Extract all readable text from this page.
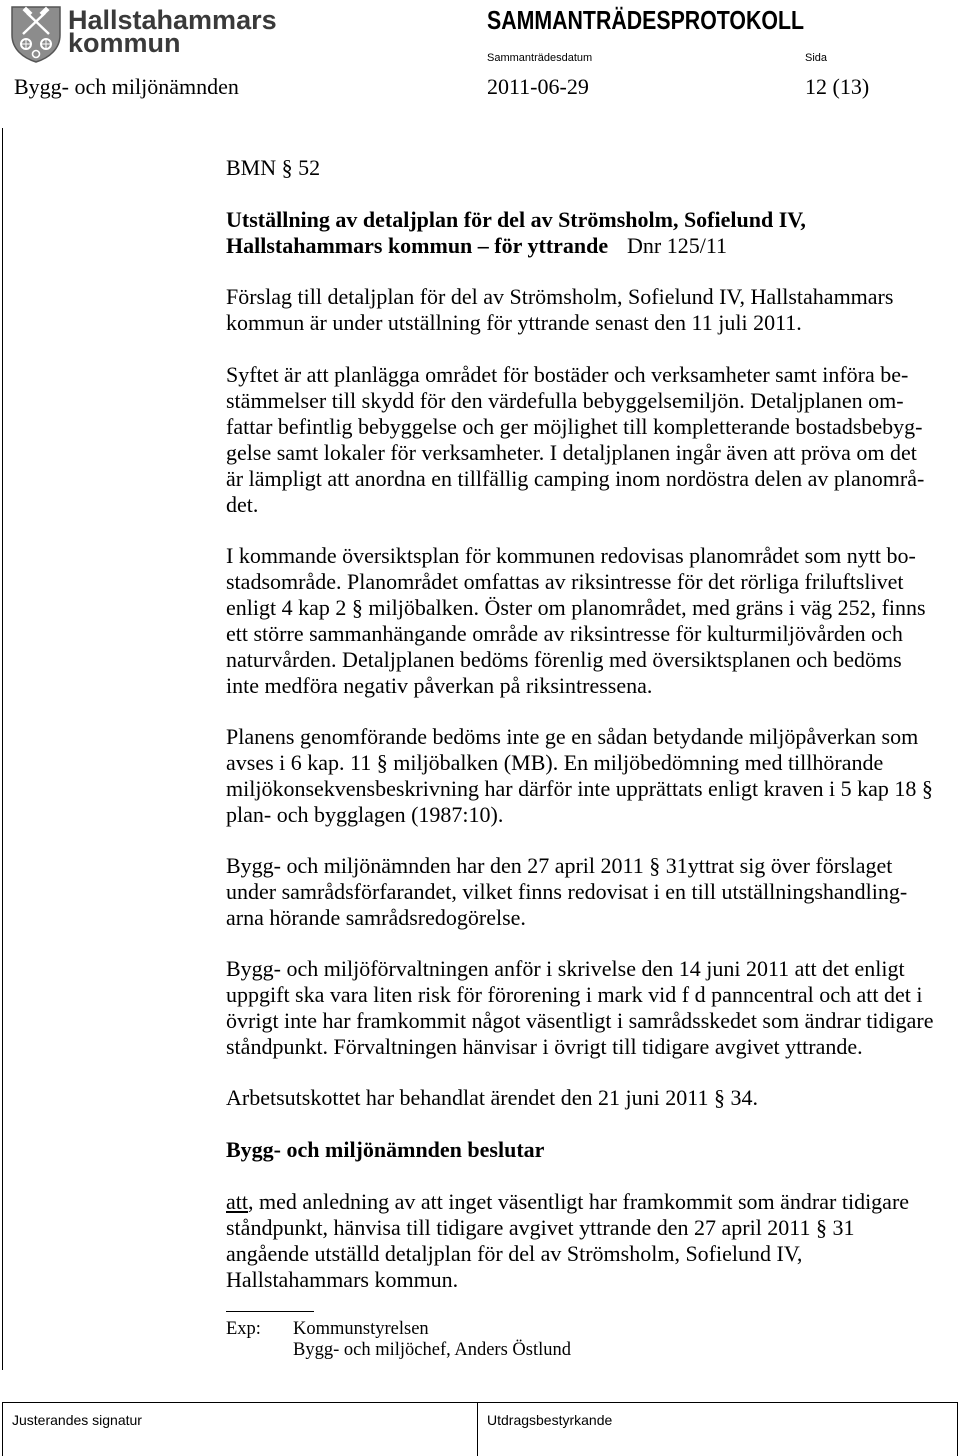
Hallstahammars
kommun
SAMMANTRÄDESPROTOKOLL
Sammanträdesdatum	Sida
Bygg- och miljönämnden	2011-06-29	12 (13)
BMN § 52
Utställning av detaljplan för del av Strömsholm, Sofielund IV,
Hallstahammars kommun – för yttrande Dnr 125/11
Förslag till detaljplan för del av Strömsholm, Sofielund IV, Hallstahammars
kommun är under utställning för yttrande senast den 11 juli 2011.
Syftet är att planlägga området för bostäder och verksamheter samt införa be-
stämmelser till skydd för den värdefulla bebyggelsemiljön. Detaljplanen om-
fattar befintlig bebyggelse och ger möjlighet till kompletterande bostadsbebyg-
gelse samt lokaler för verksamheter. I detaljplanen ingår även att pröva om det
är lämpligt att anordna en tillfällig camping inom nordöstra delen av planområ-
det.
I kommande översiktsplan för kommunen redovisas planområdet som nytt bo-
stadsområde. Planområdet omfattas av riksintresse för det rörliga friluftslivet
enligt 4 kap 2 § miljöbalken. Öster om planområdet, med gräns i väg 252, finns
ett större sammanhängande område av riksintresse för kulturmiljövården och
naturvården. Detaljplanen bedöms förenlig med översiktsplanen och bedöms
inte medföra negativ påverkan på riksintressena.
Planens genomförande bedöms inte ge en sådan betydande miljöpåverkan som
avses i 6 kap. 11 § miljöbalken (MB). En miljöbedömning med tillhörande
miljökonsekvensbeskrivning har därför inte upprättats enligt kraven i 5 kap 18 §
plan- och bygglagen (1987:10).
Bygg- och miljönämnden har den 27 april 2011 § 31yttrat sig över förslaget
under samrådsförfarandet, vilket finns redovisat i en till utställningshandling-
arna hörande samrådsredogörelse.
Bygg- och miljöförvaltningen anför i skrivelse den 14 juni 2011 att det enligt
uppgift ska vara liten risk för förorening i mark vid f d panncentral och att det i
övrigt inte har framkommit något väsentligt i samrådsskedet som ändrar tidigare
ståndpunkt. Förvaltningen hänvisar i övrigt till tidigare avgivet yttrande.
Arbetsutskottet har behandlat ärendet den 21 juni 2011 § 34.
Bygg- och miljönämnden beslutar
att, med anledning av att inget väsentligt har framkommit som ändrar tidigare
ståndpunkt, hänvisa till tidigare avgivet yttrande den 27 april 2011 § 31
angående utställd detaljplan för del av Strömsholm, Sofielund IV,
Hallstahammars kommun.
Exp: Kommunstyrelsen
Bygg- och miljöchef, Anders Östlund
Justerandes signatur	Utdragsbestyrkande
